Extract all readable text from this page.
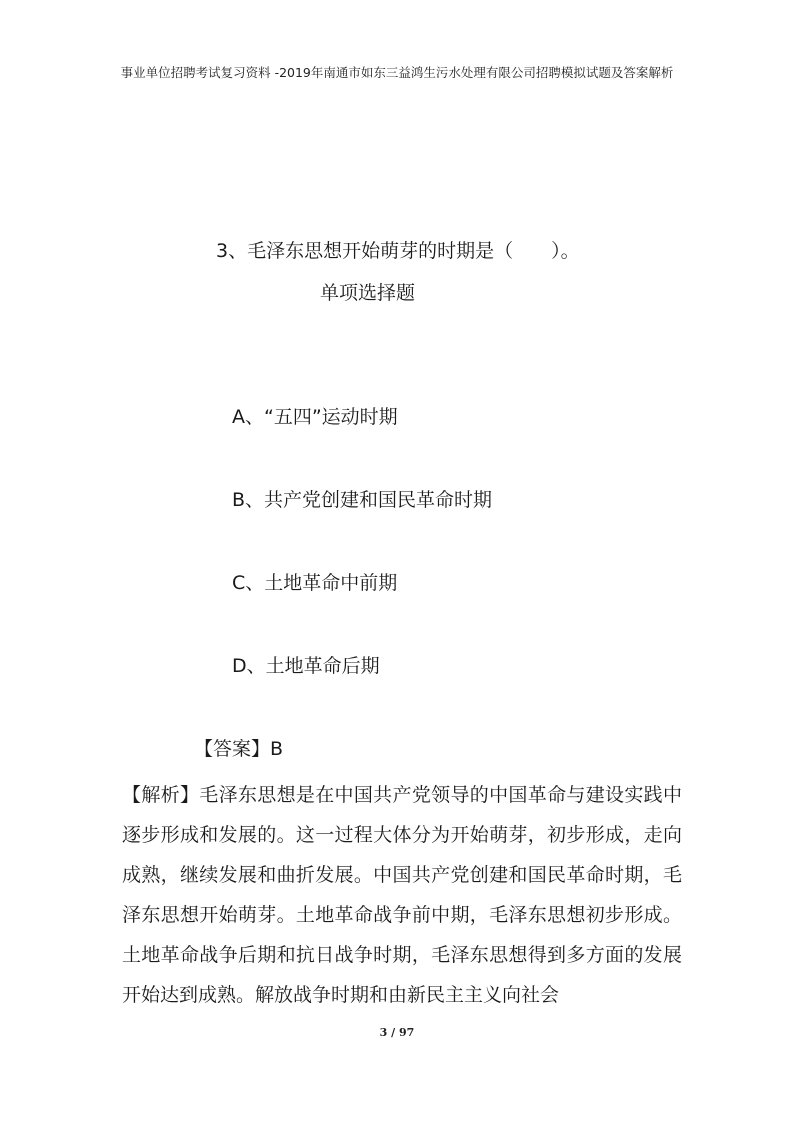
事业单位招聘考试复习资料 -2019年南通市如东三益鸿生污水处理有限公司招聘模拟试题及答案解析
3、毛泽东思想开始萌芽的时期是（　　）。
单项选择题
A、“五四”运动时期
B、共产党创建和国民革命时期
C、土地革命中前期
D、土地革命后期
【答案】B
【解析】毛泽东思想是在中国共产党领导的中国革命与建设实践中逐步形成和发展的。这一过程大体分为开始萌芽，初步形成，走向成熟，继续发展和曲折发展。中国共产党创建和国民革命时期，毛泽东思想开始萌芽。土地革命战争前中期，毛泽东思想初步形成。土地革命战争后期和抗日战争时期，毛泽东思想得到多方面的发展开始达到成熟。解放战争时期和由新民主主义向社会
3 / 97
